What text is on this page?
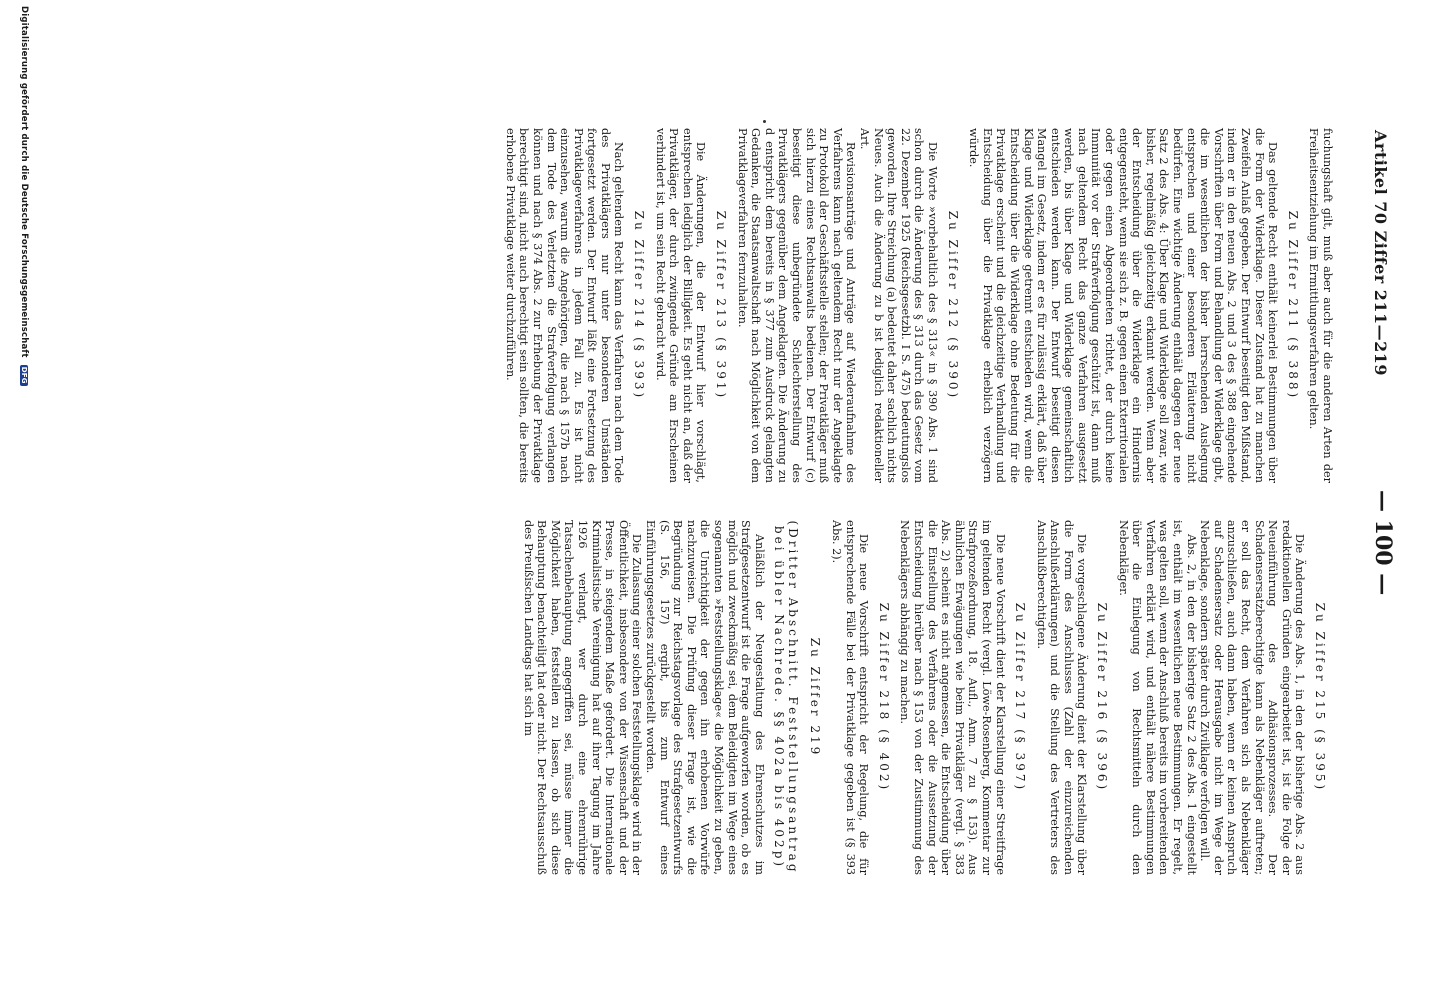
Artikel 70 Ziffer 211—219
— 100 —

fuchungshaft gilt, muß aber auch für die anderen Arten der Freiheitsentziehung im Ermittlungsverfahren gelten.

Zu Ziffer 211 (§ 388)

Das geltende Recht enthält keinerlei Bestimmungen über die Form der Widerklage. Dieser Zustand hat zu manchen Zweifeln Anlaß gegeben. Der Entwurf beseitigt den Mißstand, indem er in den neuen Abs. 2 und 3 des § 388 eingehende Vorschriften über Form und Behandlung der Widerklage gibt, die im wesentlichen der bisher herrschenden Auslegung entsprechen und einer besonderen Erläuterung nicht bedürfen. Eine wichtige Änderung enthält dagegen der neue Satz 2 des Abs. 4: Über Klage und Widerklage soll zwar, wie bisher, regelmäßig gleichzeitig erkannt werden. Wenn aber der Entscheidung über die Widerklage ein Hindernis entgegensteht, wenn sie sich z. B. gegen einen Exterritorialen oder gegen einen Abgeordneten richtet, der durch keine Immunität vor der Strafverfolgung geschützt ist, dann muß nach geltendem Recht das ganze Verfahren ausgesetzt werden, bis über Klage und Widerklage gemeinschaftlich entschieden werden kann. Der Entwurf beseitigt diesen Mangel im Gesetz, indem er es für zulässig erklärt, daß über Klage und Widerklage getrennt entschieden wird, wenn die Entscheidung über die Widerklage ohne Bedeutung für die Privatklage erscheint und die gleichzeitige Verhandlung und Entscheidung über die Privatklage erheblich verzögern würde.

Zu Ziffer 212 (§ 390)

Die Worte »vorbehaltlich des § 313« in § 390 Abs. 1 sind schon durch die Änderung des § 313 durch das Gesetz vom 22. Dezember 1925 (Reichsgesetzbl. I S. 475) bedeutungslos geworden. Ihre Streichung (a) bedeutet daher sachlich nichts Neues. Auch die Änderung zu b ist lediglich redaktioneller Art.

Revisionsanträge und Anträge auf Wiederaufnahme des Verfahrens kann nach geltendem Recht nur der Angeklagte zu Protokoll der Geschäftsstelle stellen; der Privatkläger muß sich hierzu eines Rechtsanwalts bedienen. Der Entwurf (c) beseitigt diese unbegründete Schlechterstellung des Privatklägers gegenüber dem Angeklagten. Die Änderung zu d entspricht dem bereits in § 377 zum Ausdruck gelangten Gedanken, die Staatsanwaltschaft nach Möglichkeit von dem Privatklageverfahren fernzuhalten.

Zu Ziffer 213 (§ 391)

Die Änderungen, die der Entwurf hier vorschlägt, entsprechen lediglich der Billigkeit. Es geht nicht an, daß der Privatkläger, der durch zwingende Gründe am Erscheinen verhindert ist, um sein Recht gebracht wird.

Zu Ziffer 214 (§ 393)

Nach geltendem Recht kann das Verfahren nach dem Tode des Privatklägers nur unter besonderen Umständen fortgesetzt werden. Der Entwurf läßt eine Fortsetzung des Privatklageverfahrens in jedem Fall zu. Es ist nicht einzusehen, warum die Angehörigen, die nach § 157b nach dem Tode des Verletzten die Strafverfolgung verlangen können und nach § 374 Abs. 2 zur Erhebung der Privatklage berechtigt sind, nicht auch berechtigt sein sollten, die bereits erhobene Privatklage weiter durchzuführen.

Zu Ziffer 215 (§ 395)

Die Änderung des Abs. 1, in den der bisherige Abs. 2 aus redaktionellen Gründen eingearbeitet ist, ist die Folge der Neueinführung des Adhäsionsprozesses. Der Schadensersatzberechtigte kann als Nebenkläger auftreten; er soll das Recht, dem Verfahren sich als Nebenkläger anzuschließen, auch dann haben, wenn er keinen Anspruch auf Schadensersatz oder Herausgabe nicht im Wege der Nebenklage, sondern später durch Zivilklage verfolgen will.

Abs. 2, in den der bisherige Satz 2 des Abs. 1 eingestellt ist, enthält im wesentlichen neue Bestimmungen. Er regelt, was gelten soll, wenn der Anschluß bereits im vorbereitenden Verfahren erklärt wird, und enthält nähere Bestimmungen über die Einlegung von Rechtsmitteln durch den Nebenkläger.

Zu Ziffer 216 (§ 396)

Die vorgeschlagene Änderung dient der Klarstellung über die Form des Anschlusses (Zahl der einzureichenden Anschlußerklärungen) und die Stellung des Vertreters des Anschlußberechtigten.

Zu Ziffer 217 (§ 397)

Die neue Vorschrift dient der Klarstellung einer Streitfrage im geltenden Recht (vergl. Löwe-Rosenberg, Kommentar zur Strafprozeßordnung, 18. Aufl., Anm. 7 zu § 153). Aus ähnlichen Erwägungen wie beim Privatkläger (vergl. § 383 Abs. 2) scheint es nicht angemessen, die Entscheidung über die Einstellung des Verfahrens oder die Aussetzung der Entscheidung hierüber nach § 153 von der Zustimmung des Nebenklägers abhängig zu machen.

Zu Ziffer 218 (§ 402)

Die neue Vorschrift entspricht der Regelung, die für entsprechende Fälle bei der Privatklage gegeben ist (§ 393 Abs. 2).

Zu Ziffer 219
(Dritter Abschnitt. Feststellungsantrag bei übler Nachrede. §§ 402a bis 402p)

Anläßlich der Neugestaltung des Ehrenschutzes im Strafgesetzentwurf ist die Frage aufgeworfen worden, ob es möglich und zweckmäßig sei, dem Beleidigten im Wege eines sogenannten »Feststellungsklage« die Möglichkeit zu geben, die Unrichtigkeit der gegen ihn erhobenen Vorwürfe nachzuweisen. Die Prüfung dieser Frage ist, wie die Begründung zur Reichstagsvorlage des Strafgesetzentwurfs (S. 156, 157) ergibt, bis zum Entwurf eines Einführungsgesetzes zurückgestellt worden.

Die Zulassung einer solchen Feststellungsklage wird in der Öffentlichkeit, insbesondere von der Wissenschaft und der Presse, in steigendem Maße gefordert. Die Internationale Kriminalistische Vereinigung hat auf ihrer Tagung im Jahre 1926 verlangt, wer durch eine ehrenrührige Tatsachenbehauptung angegriffen sei, müsse immer die Möglichkeit haben, feststellen zu lassen, ob sich diese Behauptung benachteiligt hat oder nicht. Der Rechtsausschuß des Preußischen Landtags hat sich im

Digitalisierung gefördert durch die Deutsche Forschungsgemeinschaft DFG
